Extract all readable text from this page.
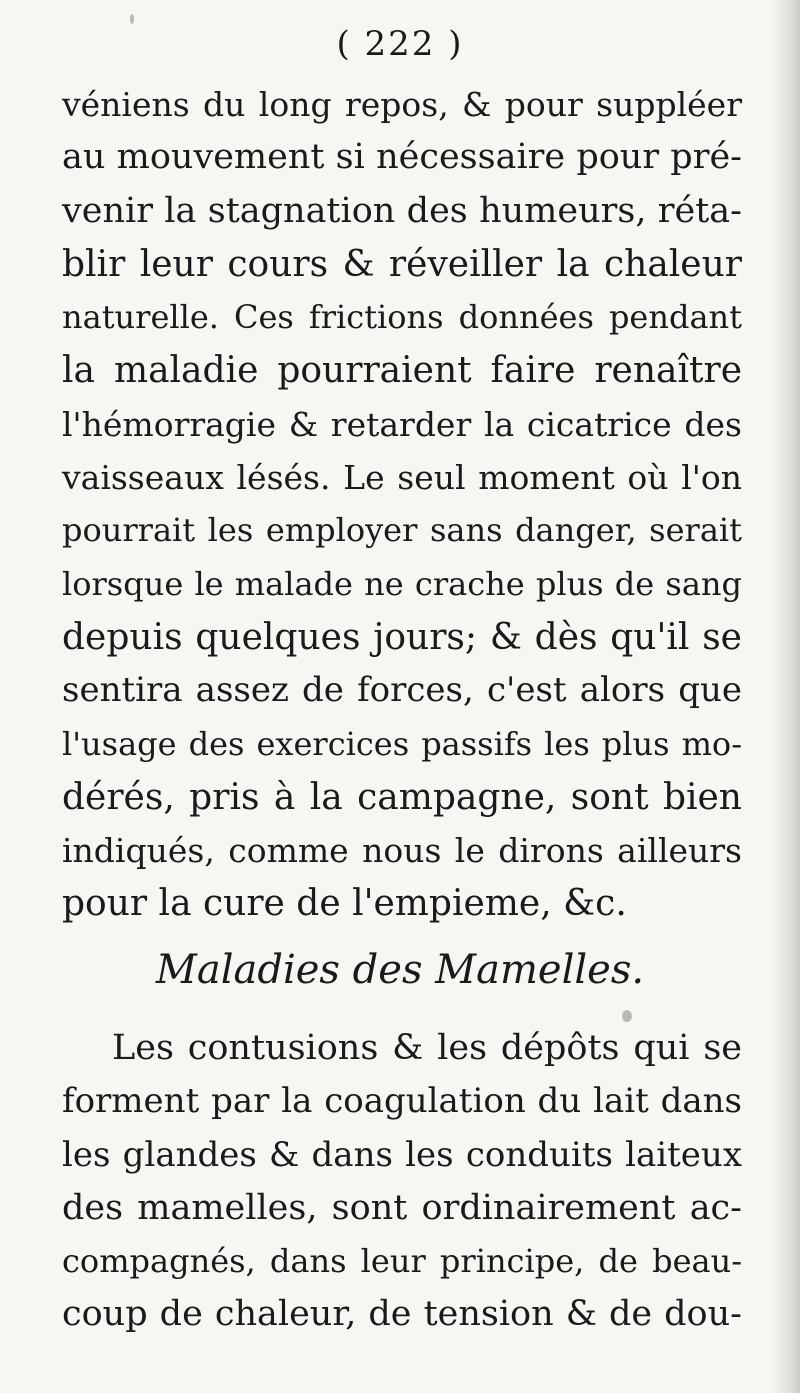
( 222 )
véniens du long repos, & pour suppléer
au mouvement si nécessaire pour pré-
venir la stagnation des humeurs, réta-
blir leur cours & réveiller la chaleur
naturelle. Ces frictions données pendant
la maladie pourraient faire renaître
l'hémorragie & retarder la cicatrice des
vaisseaux lésés. Le seul moment où l'on
pourrait les employer sans danger, serait
lorsque le malade ne crache plus de sang
depuis quelques jours; & dès qu'il se
sentira assez de forces, c'est alors que
l'usage des exercices passifs les plus mo-
dérés, pris à la campagne, sont bien
indiqués, comme nous le dirons ailleurs
pour la cure de l'empieme, &c.
Maladies des Mamelles.
Les contusions & les dépôts qui se
forment par la coagulation du lait dans
les glandes & dans les conduits laiteux
des mamelles, sont ordinairement ac-
compagnés, dans leur principe, de beau-
coup de chaleur, de tension & de dou-
